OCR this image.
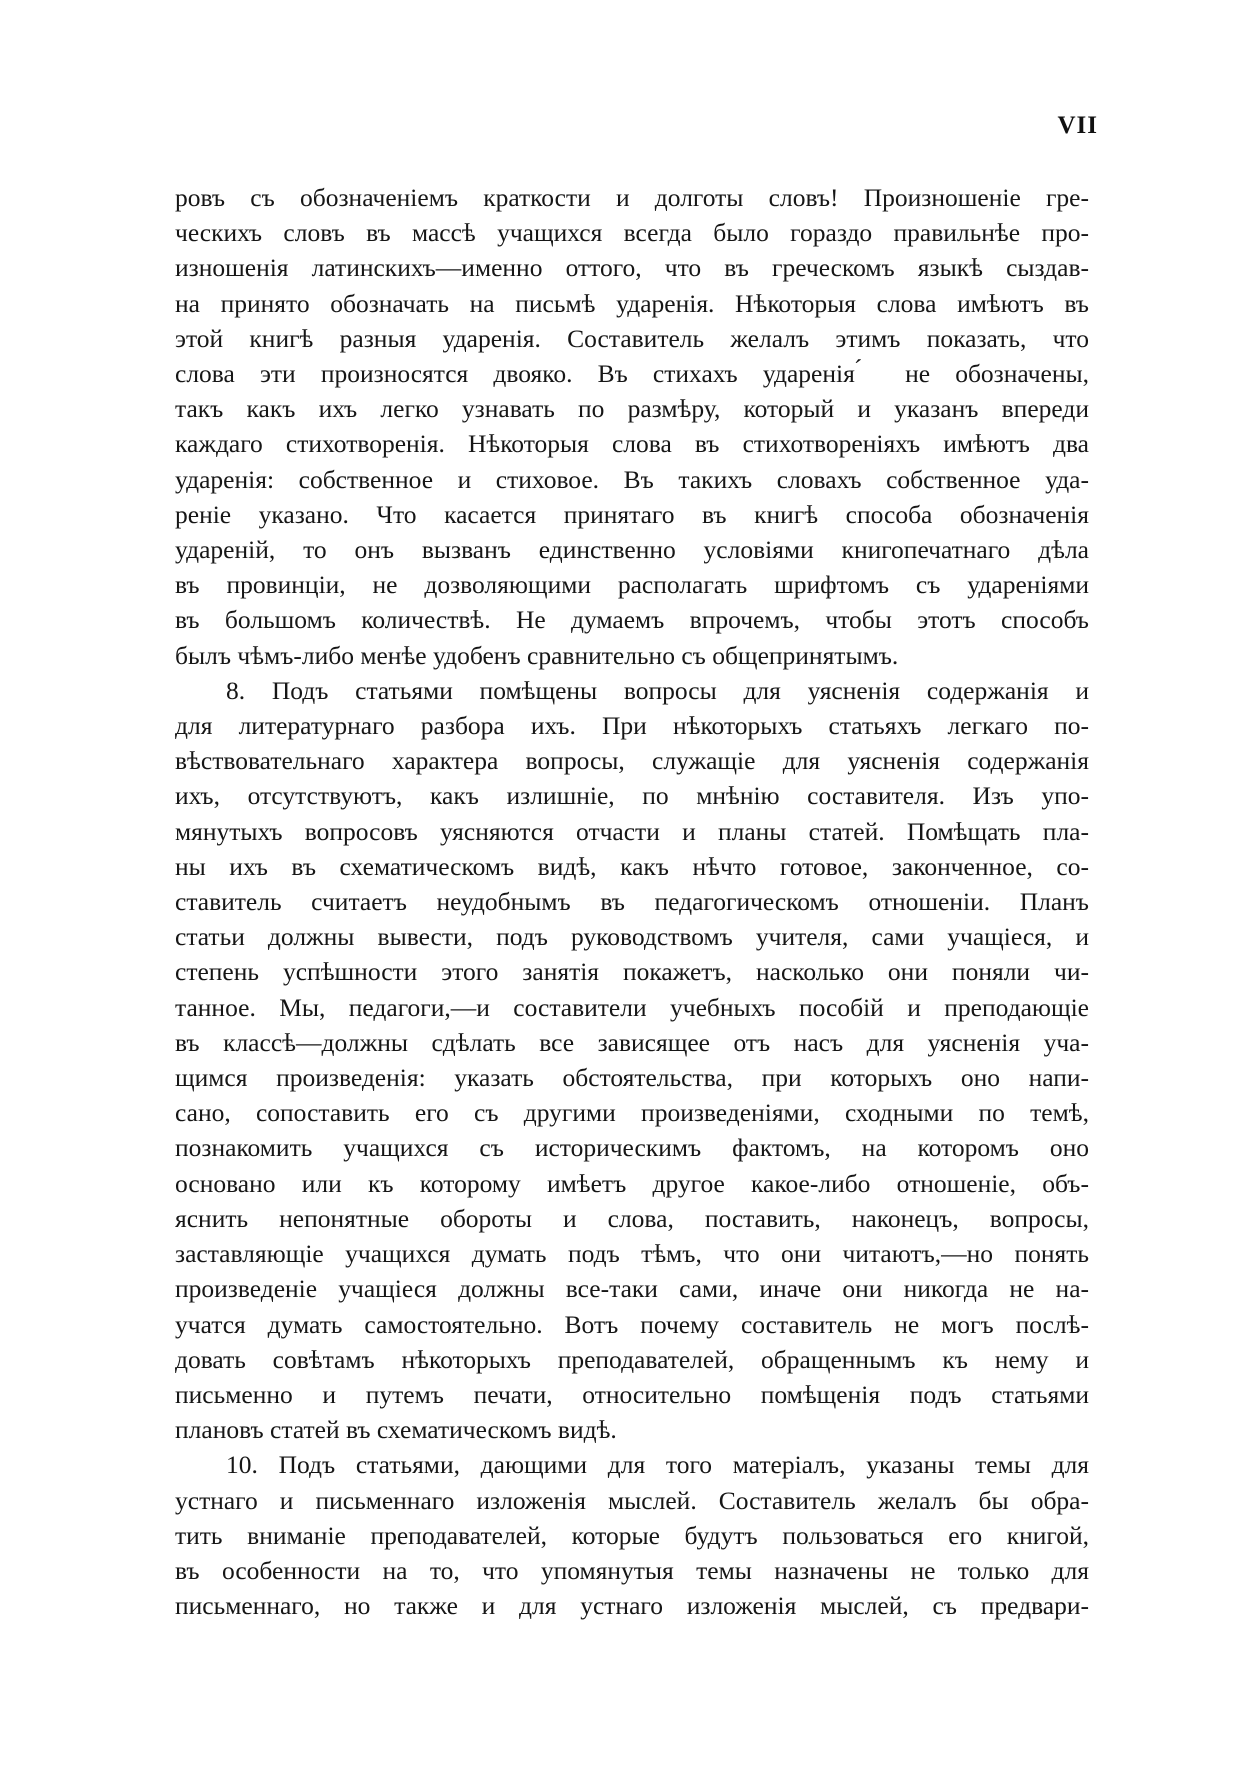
VII

ровъ съ обозначеніемъ краткости и долготы словъ! Произношеніе гре-
ческихъ словъ въ массѣ учащихся всегда было гораздо правильнѣе про-
изношенія латинскихъ—именно оттого, что въ греческомъ языкѣ сыздав-
на принято обозначать на письмѣ ударенія. Нѣкоторыя слова имѣютъ въ
этой книгѣ разныя ударенія. Составитель желалъ этимъ показать, что
слова эти произносятся двояко. Въ стихахъ ударенія ́ не обозначены,
такъ какъ ихъ легко узнавать по размѣру, который и указанъ впереди
каждаго стихотворенія. Нѣкоторыя слова въ стихотвореніяхъ имѣютъ два
ударенія: собственное и стиховое. Въ такихъ словахъ собственное уда-
реніе указано. Что касается принятаго въ книгѣ способа обозначенія
удареній, то онъ вызванъ единственно условіями книгопечатнаго дѣла
въ провинціи, не дозволяющими располагать шрифтомъ съ удареніями
въ большомъ количествѣ. Не думаемъ впрочемъ, чтобы этотъ способъ
былъ чѣмъ-либо менѣе удобенъ сравнительно съ общепринятымъ.

8. Подъ статьями помѣщены вопросы для уясненія содержанія и
для литературнаго разбора ихъ. При нѣкоторыхъ статьяхъ легкаго по-
вѣствовательнаго характера вопросы, служащіе для уясненія содержанія
ихъ, отсутствуютъ, какъ излишніе, по мнѣнію составителя. Изъ упо-
мянутыхъ вопросовъ уясняются отчасти и планы статей. Помѣщать пла-
ны ихъ въ схематическомъ видѣ, какъ нѣчто готовое, законченное, со-
ставитель считаетъ неудобнымъ въ педагогическомъ отношеніи. Планъ
статьи должны вывести, подъ руководствомъ учителя, сами учащіеся, и
степень успѣшности этого занятія покажетъ, насколько они поняли чи-
танное. Мы, педагоги,—и составители учебныхъ пособій и преподающіе
въ классѣ—должны сдѣлать все зависящее отъ насъ для уясненія уча-
щимся произведенія: указать обстоятельства, при которыхъ оно напи-
сано, сопоставить его съ другими произведеніями, сходными по темѣ,
познакомить учащихся съ историческимъ фактомъ, на которомъ оно
основано или къ которому имѣетъ другое какое-либо отношеніе, объ-
яснить непонятные обороты и слова, поставить, наконецъ, вопросы,
заставляющіе учащихся думать подъ тѣмъ, что они читаютъ,—но понять
произведеніе учащіеся должны все-таки сами, иначе они никогда не на-
учатся думать самостоятельно. Вотъ почему составитель не могъ послѣ-
довать совѣтамъ нѣкоторыхъ преподавателей, обращеннымъ къ нему и
письменно и путемъ печати, относительно помѣщенія подъ статьями
плановъ статей въ схематическомъ видѣ.

10. Подъ статьями, дающими для того матеріалъ, указаны темы для
устнаго и письменнаго изложенія мыслей. Составитель желалъ бы обра-
тить вниманіе преподавателей, которые будутъ пользоваться его книгой,
въ особенности на то, что упомянутыя темы назначены не только для
письменнаго, но также и для устнаго изложенія мыслей, съ предвари-
